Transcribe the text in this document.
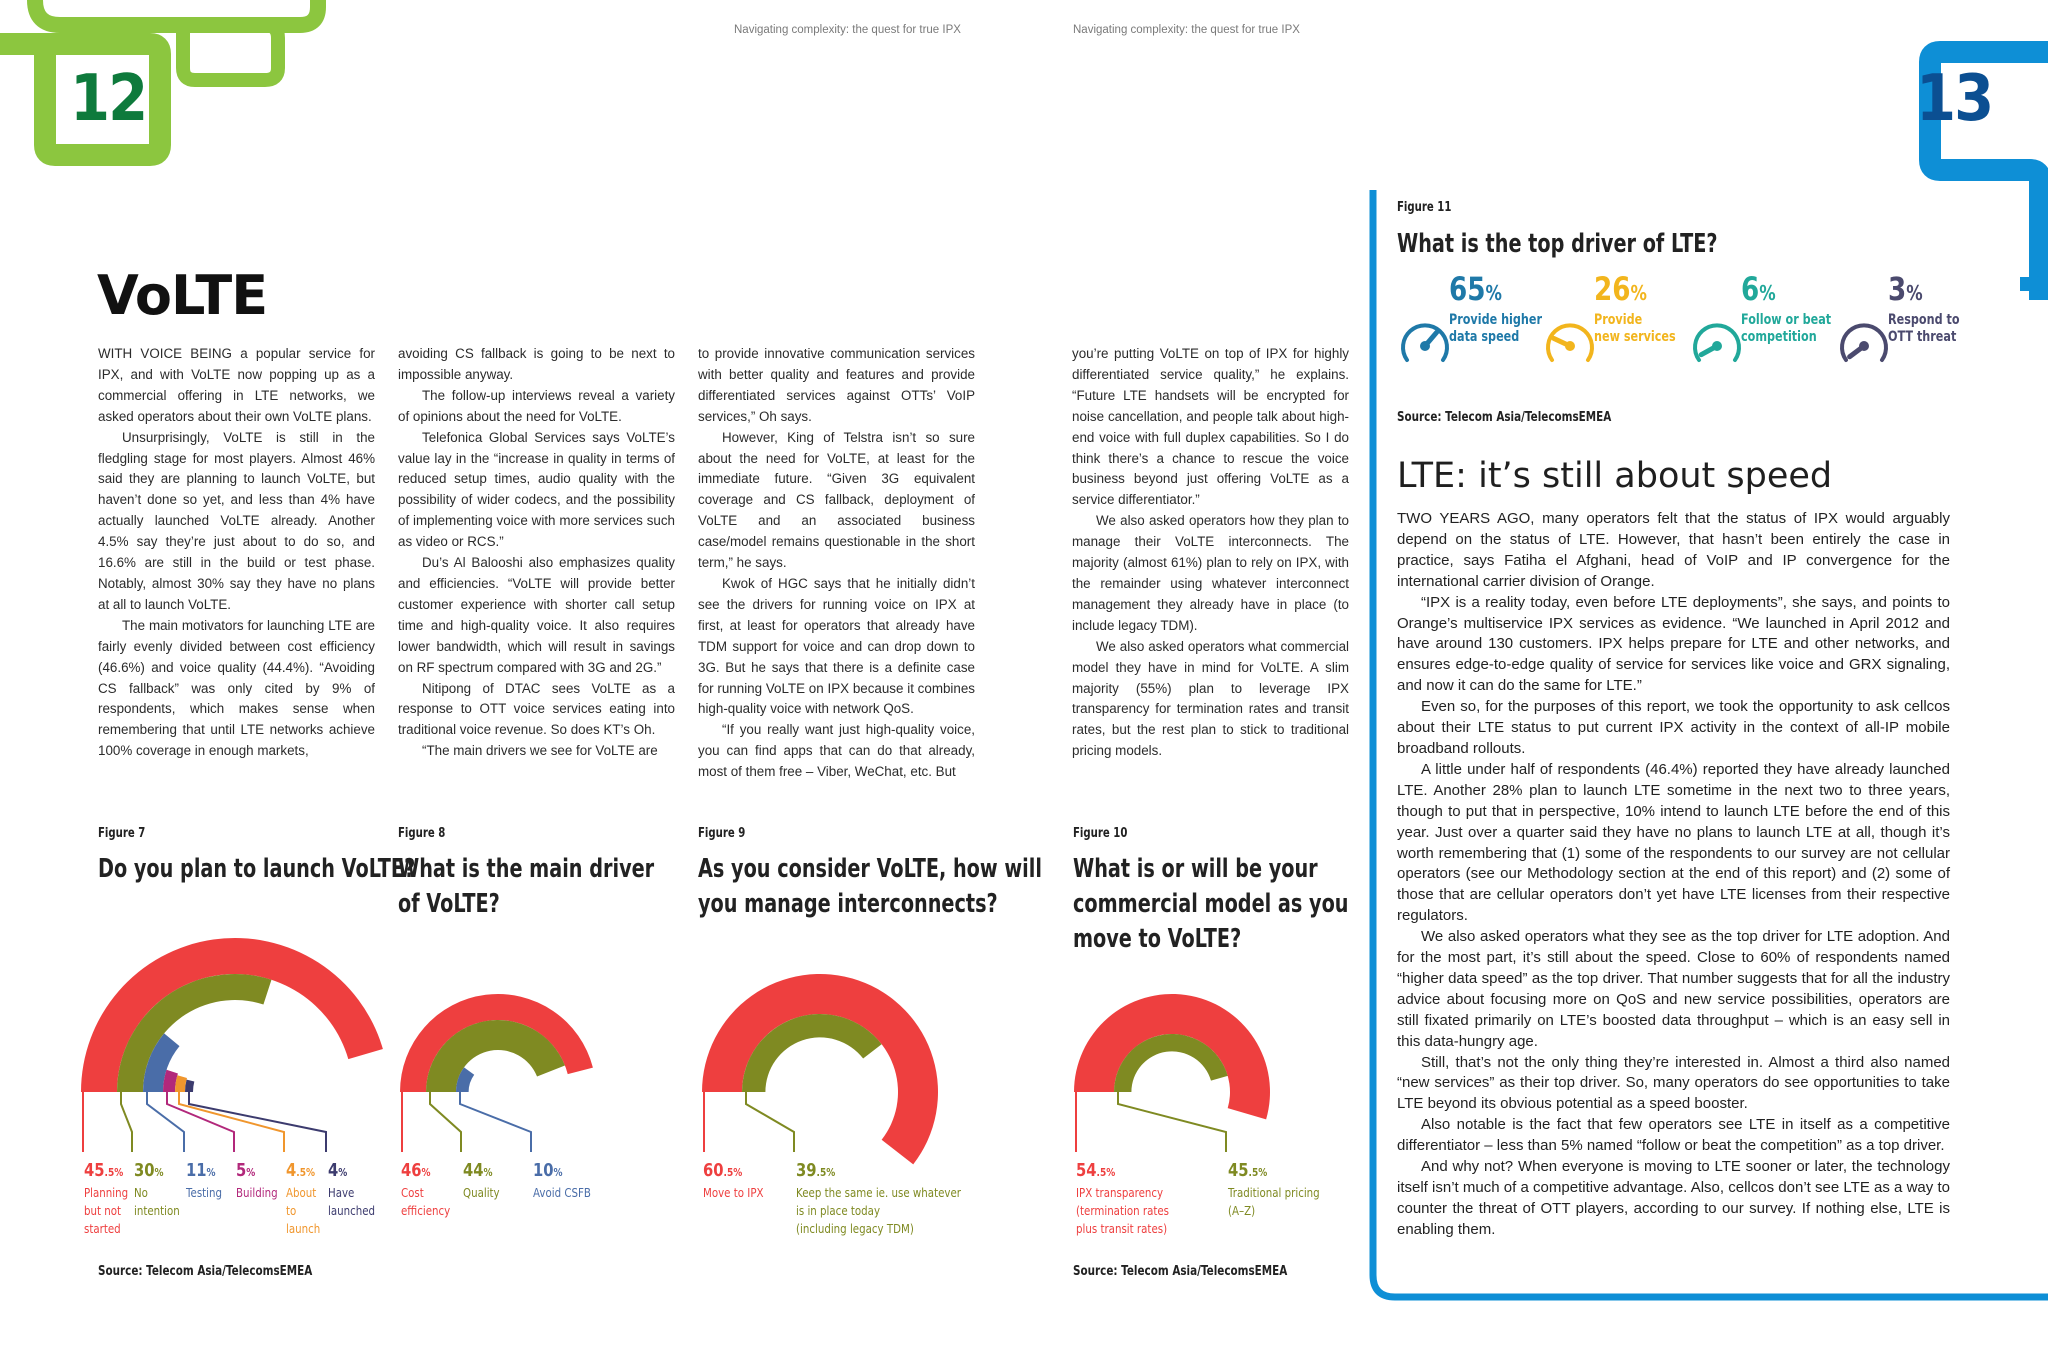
12	13
Navigating complexity: the quest for true IPX	Navigating complexity: the quest for true IPX
VoLTE

WITH VOICE BEING a popular service for IPX, and with VoLTE now popping up as a commercial offering in LTE networks, we asked operators about their own VoLTE plans.

Unsurprisingly, VoLTE is still in the fledgling stage for most players. Almost 46% said they are planning to launch VoLTE, but haven’t done so yet, and less than 4% have actually launched VoLTE already. Another 4.5% say they’re just about to do so, and 16.6% are still in the build or test phase. Notably, almost 30% say they have no plans at all to launch VoLTE.

The main motivators for launching LTE are fairly evenly divided between cost efficiency (46.6%) and voice quality (44.4%). “Avoiding CS fallback” was only cited by 9% of respondents, which makes sense when remembering that until LTE networks achieve 100% coverage in enough markets,

avoiding CS fallback is going to be next to impossible anyway.

The follow-up interviews reveal a variety of opinions about the need for VoLTE.

Telefonica Global Services says VoLTE’s value lay in the “increase in quality in terms of reduced setup times, audio quality with the possibility of wider codecs, and the possibility of implementing voice with more services such as video or RCS.”

Du’s Al Balooshi also emphasizes quality and efficiencies. “VoLTE will provide better customer experience with shorter call setup time and high-quality voice. It also requires lower bandwidth, which will result in savings on RF spectrum compared with 3G and 2G.”

Nitipong of DTAC sees VoLTE as a response to OTT voice services eating into traditional voice revenue. So does KT’s Oh.

“The main drivers we see for VoLTE are

to provide innovative communication services with better quality and features and provide differentiated services against OTTs’ VoIP services,” Oh says.

However, King of Telstra isn’t so sure about the need for VoLTE, at least for the immediate future. “Given 3G equivalent coverage and CS fallback, deployment of VoLTE and an associated business case/model remains questionable in the short term,” he says.

Kwok of HGC says that he initially didn’t see the drivers for running voice on IPX at first, at least for operators that already have TDM support for voice and can drop down to 3G. But he says that there is a definite case for running VoLTE on IPX because it combines high-quality voice with network QoS.

“If you really want just high-quality voice, you can find apps that can do that already, most of them free – Viber, WeChat, etc. But

you’re putting VoLTE on top of IPX for highly differentiated service quality,” he explains. “Future LTE handsets will be encrypted for noise cancellation, and people talk about high-end voice with full duplex capabilities. So I do think there’s a chance to rescue the voice business beyond just offering VoLTE as a service differentiator.”

We also asked operators how they plan to manage their VoLTE interconnects. The majority (almost 61%) plan to rely on IPX, with the remainder using whatever interconnect management they already have in place (to include legacy TDM).

We also asked operators what commercial model they have in mind for VoLTE. A slim majority (55%) plan to leverage IPX transparency for termination rates and transit rates, but the rest plan to stick to traditional pricing models.

Figure 7
Do you plan to launch VoLTE?
Figure 8
What is the main driver
of VoLTE?
Figure 9
As you consider VoLTE, how will
you manage interconnects?
Figure 10
What is or will be your
commercial model as you
move to VoLTE?
45.5%
Planning
but not
started
30%
No
intention
11%
Testing
5%
Building
4.5%
About
to
launch
4%
Have
launched
46%
Cost
efficiency
44%
Quality
10%
Avoid CSFB
60.5%
Move to IPX
39.5%
Keep the same ie. use whatever
is in place today
(including legacy TDM)
54.5%
IPX transparency
(termination rates
plus transit rates)
45.5%
Traditional pricing
(A–Z)
Source: Telecom Asia/TelecomsEMEA	Source: Telecom Asia/TelecomsEMEA
Figure 11
What is the top driver of LTE?
65%
Provide higher
data speed
26%
Provide
new services
6%
Follow or beat
competition
3%
Respond to
OTT threat
Source: Telecom Asia/TelecomsEMEA
LTE: it’s still about speed

TWO YEARS AGO, many operators felt that the status of IPX would arguably depend on the status of LTE. However, that hasn’t been entirely the case in practice, says Fatiha el Afghani, head of VoIP and IP convergence for the international carrier division of Orange.

“IPX is a reality today, even before LTE deployments”, she says, and points to Orange’s multiservice IPX services as evidence. “We launched in April 2012 and have around 130 customers. IPX helps prepare for LTE and other networks, and ensures edge-to-edge quality of service for services like voice and GRX signaling, and now it can do the same for LTE.”

Even so, for the purposes of this report, we took the opportunity to ask cellcos about their LTE status to put current IPX activity in the context of all-IP mobile broadband rollouts.

A little under half of respondents (46.4%) reported they have already launched LTE. Another 28% plan to launch LTE sometime in the next two to three years, though to put that in perspective, 10% intend to launch LTE before the end of this year. Just over a quarter said they have no plans to launch LTE at all, though it’s worth remembering that (1) some of the respondents to our survey are not cellular operators (see our Methodology section at the end of this report) and (2) some of those that are cellular operators don’t yet have LTE licenses from their respective regulators.

We also asked operators what they see as the top driver for LTE adoption. And for the most part, it’s still about the speed. Close to 60% of respondents named “higher data speed” as the top driver. That number suggests that for all the industry advice about focusing more on QoS and new service possibilities, operators are still fixated primarily on LTE’s boosted data throughput – which is an easy sell in this data-hungry age.

Still, that’s not the only thing they’re interested in. Almost a third also named “new services” as their top driver. So, many operators do see opportunities to take LTE beyond its obvious potential as a speed booster.

Also notable is the fact that few operators see LTE in itself as a competitive differentiator – less than 5% named “follow or beat the competition” as a top driver.

And why not? When everyone is moving to LTE sooner or later, the technology itself isn’t much of a competitive advantage. Also, cellcos don’t see LTE as a way to counter the threat of OTT players, according to our survey. If nothing else, LTE is enabling them.
